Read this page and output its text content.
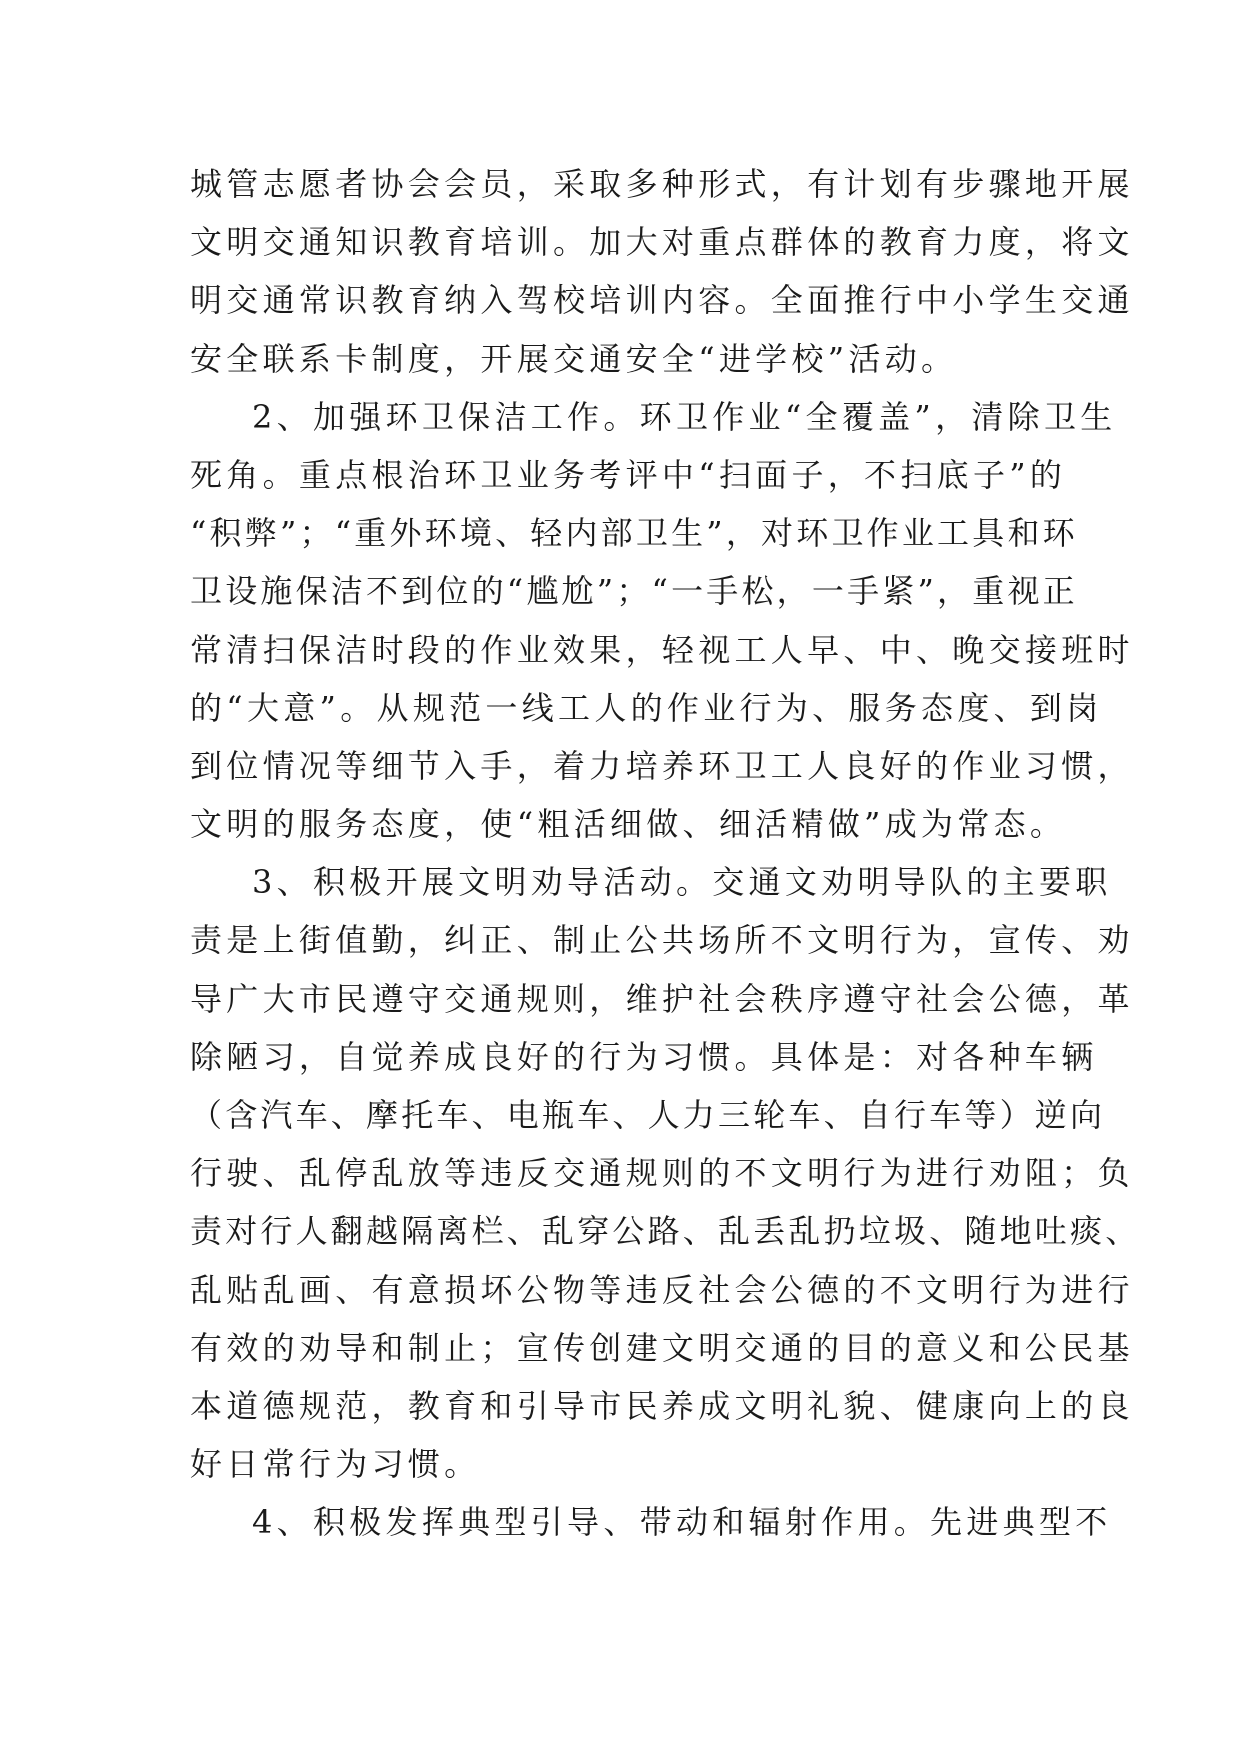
城管志愿者协会会员，采取多种形式，有计划有步骤地开展
文明交通知识教育培训。加大对重点群体的教育力度，将文
明交通常识教育纳入驾校培训内容。全面推行中小学生交通
安全联系卡制度，开展交通安全“进学校”活动。
2、加强环卫保洁工作。环卫作业“全覆盖”，清除卫生
死角。重点根治环卫业务考评中“扫面子，不扫底子”的
“积弊”；“重外环境、轻内部卫生”，对环卫作业工具和环
卫设施保洁不到位的“尴尬”；“一手松，一手紧”，重视正
常清扫保洁时段的作业效果，轻视工人早、中、晚交接班时
的“大意”。从规范一线工人的作业行为、服务态度、到岗
到位情况等细节入手，着力培养环卫工人良好的作业习惯，
文明的服务态度，使“粗活细做、细活精做”成为常态。
3、积极开展文明劝导活动。交通文劝明导队的主要职
责是上街值勤，纠正、制止公共场所不文明行为，宣传、劝
导广大市民遵守交通规则，维护社会秩序遵守社会公德，革
除陋习，自觉养成良好的行为习惯。具体是：对各种车辆
（含汽车、摩托车、电瓶车、人力三轮车、自行车等）逆向
行驶、乱停乱放等违反交通规则的不文明行为进行劝阻；负
责对行人翻越隔离栏、乱穿公路、乱丢乱扔垃圾、随地吐痰、
乱贴乱画、有意损坏公物等违反社会公德的不文明行为进行
有效的劝导和制止；宣传创建文明交通的目的意义和公民基
本道德规范，教育和引导市民养成文明礼貌、健康向上的良
好日常行为习惯。
4、积极发挥典型引导、带动和辐射作用。先进典型不
